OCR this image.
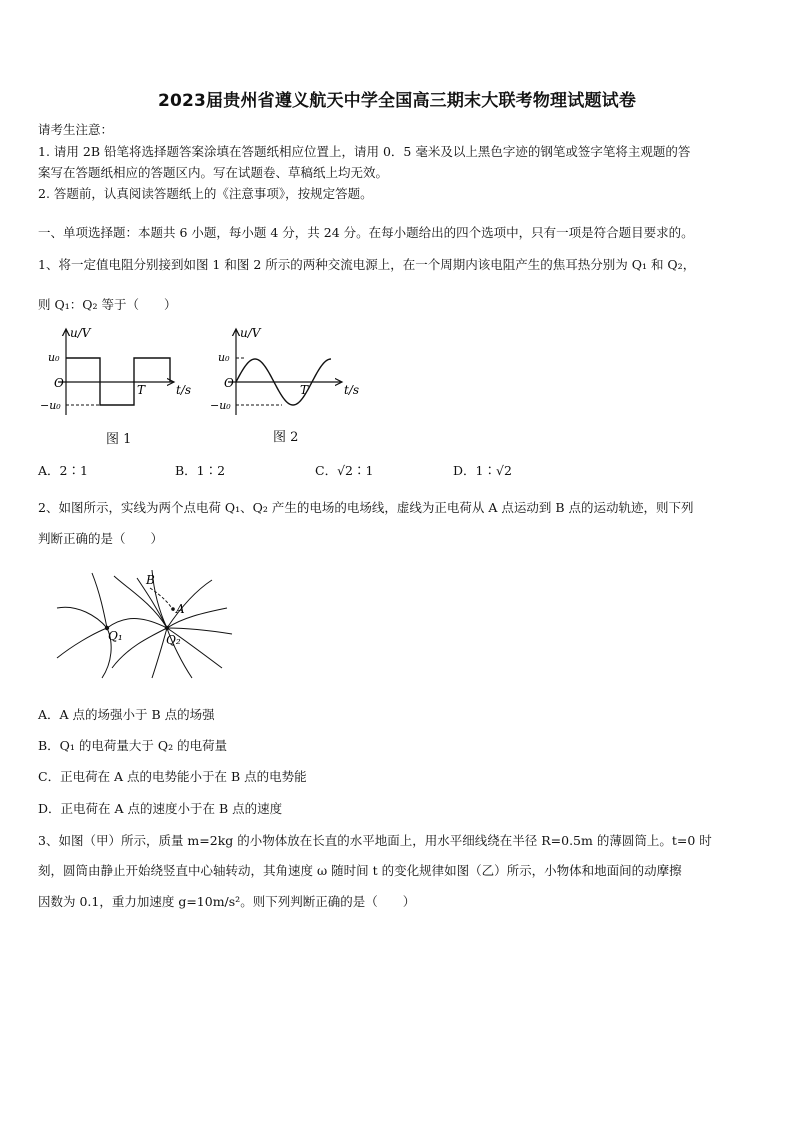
2023届贵州省遵义航天中学全国高三期末大联考物理试题试卷
请考生注意：
1. 请用 2B 铅笔将选择题答案涂填在答题纸相应位置上，请用 0．5 毫米及以上黑色字迹的钢笔或签字笔将主观题的答
案写在答题纸相应的答题区内。写在试题卷、草稿纸上均无效。
2. 答题前，认真阅读答题纸上的《注意事项》，按规定答题。
一、单项选择题：本题共 6 小题，每小题 4 分，共 24 分。在每小题给出的四个选项中，只有一项是符合题目要求的。
1、将一定值电阻分别接到如图 1 和图 2 所示的两种交流电源上，在一个周期内该电阻产生的焦耳热分别为 Q₁ 和 Q₂，
则 Q₁：Q₂ 等于（　　）
u/V
u₀
O
−u₀
T	t/s
图 1
u/V
u₀
O
−u₀
T	t/s
图 2
A．2∶1	B．1∶2	C．√2∶1	D．1∶√2
2、如图所示，实线为两个点电荷 Q₁、Q₂ 产生的电场的电场线，虚线为正电荷从 A 点运动到 B 点的运动轨迹，则下列
判断正确的是（　　）
B
A
Q₁	Q₂
A．A 点的场强小于 B 点的场强
B．Q₁ 的电荷量大于 Q₂ 的电荷量
C．正电荷在 A 点的电势能小于在 B 点的电势能
D．正电荷在 A 点的速度小于在 B 点的速度
3、如图（甲）所示，质量 m=2kg 的小物体放在长直的水平地面上，用水平细线绕在半径 R=0.5m 的薄圆筒上。t=0 时
刻，圆筒由静止开始绕竖直中心轴转动，其角速度 ω 随时间 t 的变化规律如图（乙）所示，小物体和地面间的动摩擦
因数为 0.1，重力加速度 g=10m/s²。则下列判断正确的是（　　）
